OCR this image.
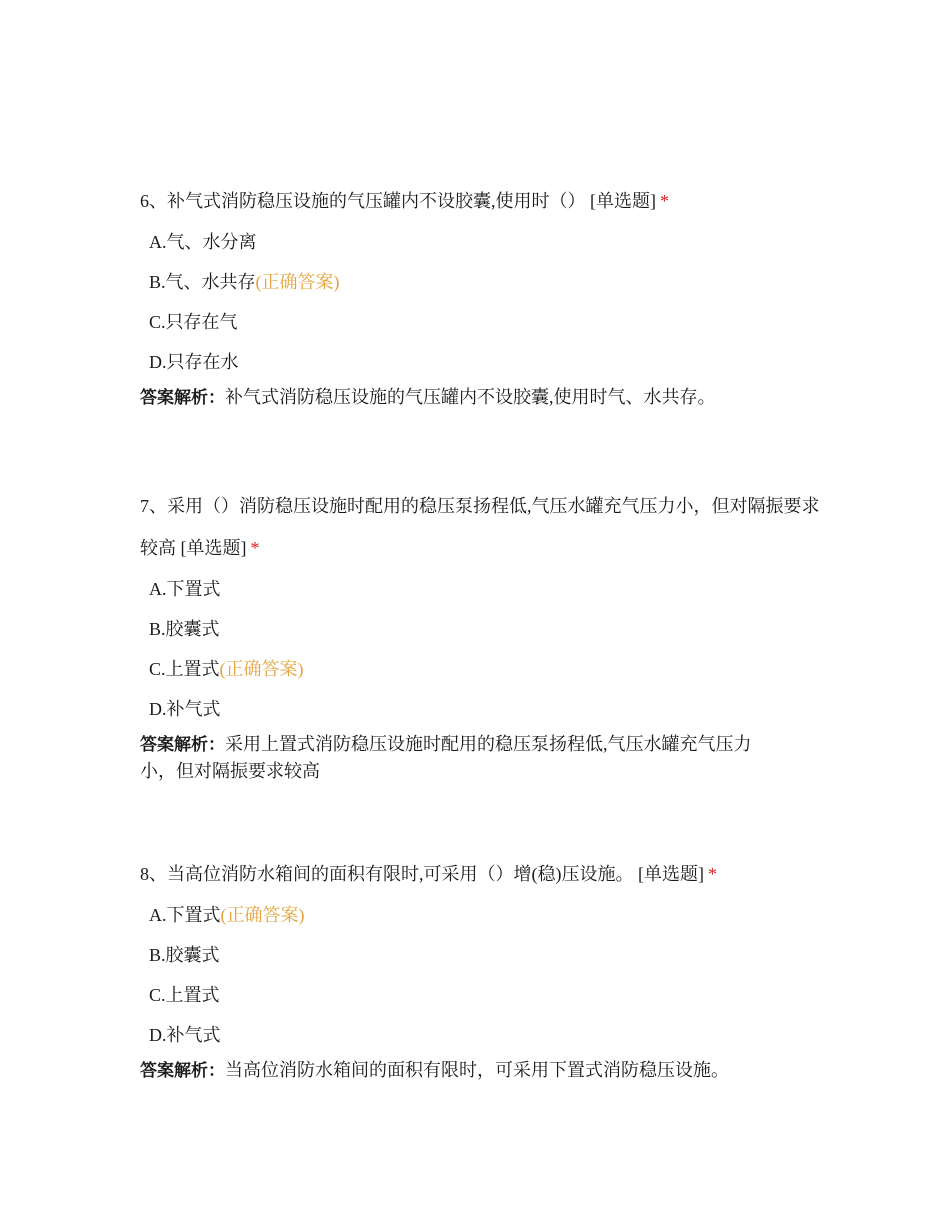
6、补气式消防稳压设施的气压罐内不设胶囊,使用时（） [单选题] *

A.气、水分离
B.气、水共存(正确答案)
C.只存在气
D.只存在水
答案解析：补气式消防稳压设施的气压罐内不设胶囊,使用时气、水共存。

7、采用（）消防稳压设施时配用的稳压泵扬程低,气压水罐充气压力小，但对隔振要求较高 [单选题] *

A.下置式
B.胶囊式
C.上置式(正确答案)
D.补气式
答案解析：采用上置式消防稳压设施时配用的稳压泵扬程低,气压水罐充气压力小，但对隔振要求较高

8、当高位消防水箱间的面积有限时,可采用（）增(稳)压设施。 [单选题] *

A.下置式(正确答案)
B.胶囊式
C.上置式
D.补气式
答案解析：当高位消防水箱间的面积有限时，可采用下置式消防稳压设施。
